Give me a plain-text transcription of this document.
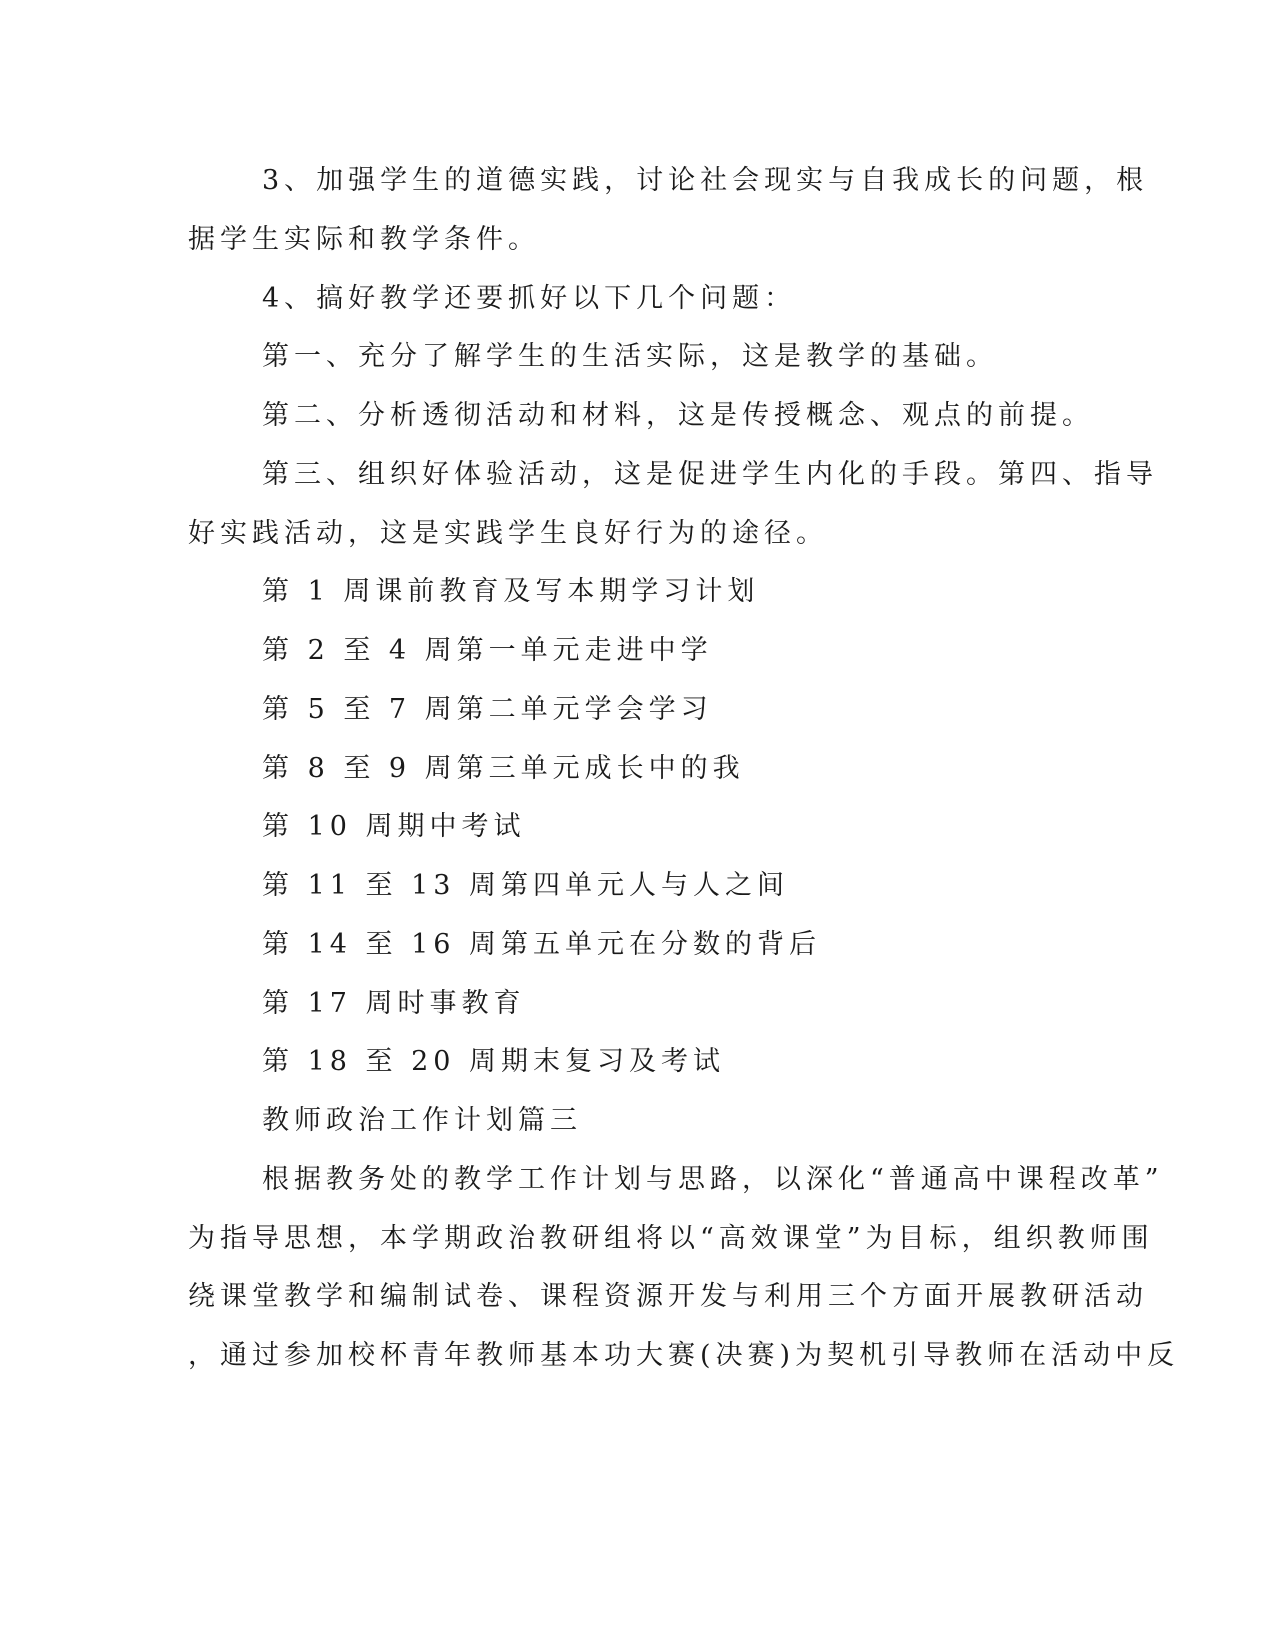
3、加强学生的道德实践，讨论社会现实与自我成长的问题，根
据学生实际和教学条件。
4、搞好教学还要抓好以下几个问题：
第一、充分了解学生的生活实际，这是教学的基础。
第二、分析透彻活动和材料，这是传授概念、观点的前提。
第三、组织好体验活动，这是促进学生内化的手段。第四、指导
好实践活动，这是实践学生良好行为的途径。
第 1 周课前教育及写本期学习计划
第 2 至 4 周第一单元走进中学
第 5 至 7 周第二单元学会学习
第 8 至 9 周第三单元成长中的我
第 10 周期中考试
第 11 至 13 周第四单元人与人之间
第 14 至 16 周第五单元在分数的背后
第 17 周时事教育
第 18 至 20 周期末复习及考试
教师政治工作计划篇三
根据教务处的教学工作计划与思路，以深化“普通高中课程改革”
为指导思想，本学期政治教研组将以“高效课堂”为目标，组织教师围
绕课堂教学和编制试卷、课程资源开发与利用三个方面开展教研活动
，通过参加校杯青年教师基本功大赛(决赛)为契机引导教师在活动中反
